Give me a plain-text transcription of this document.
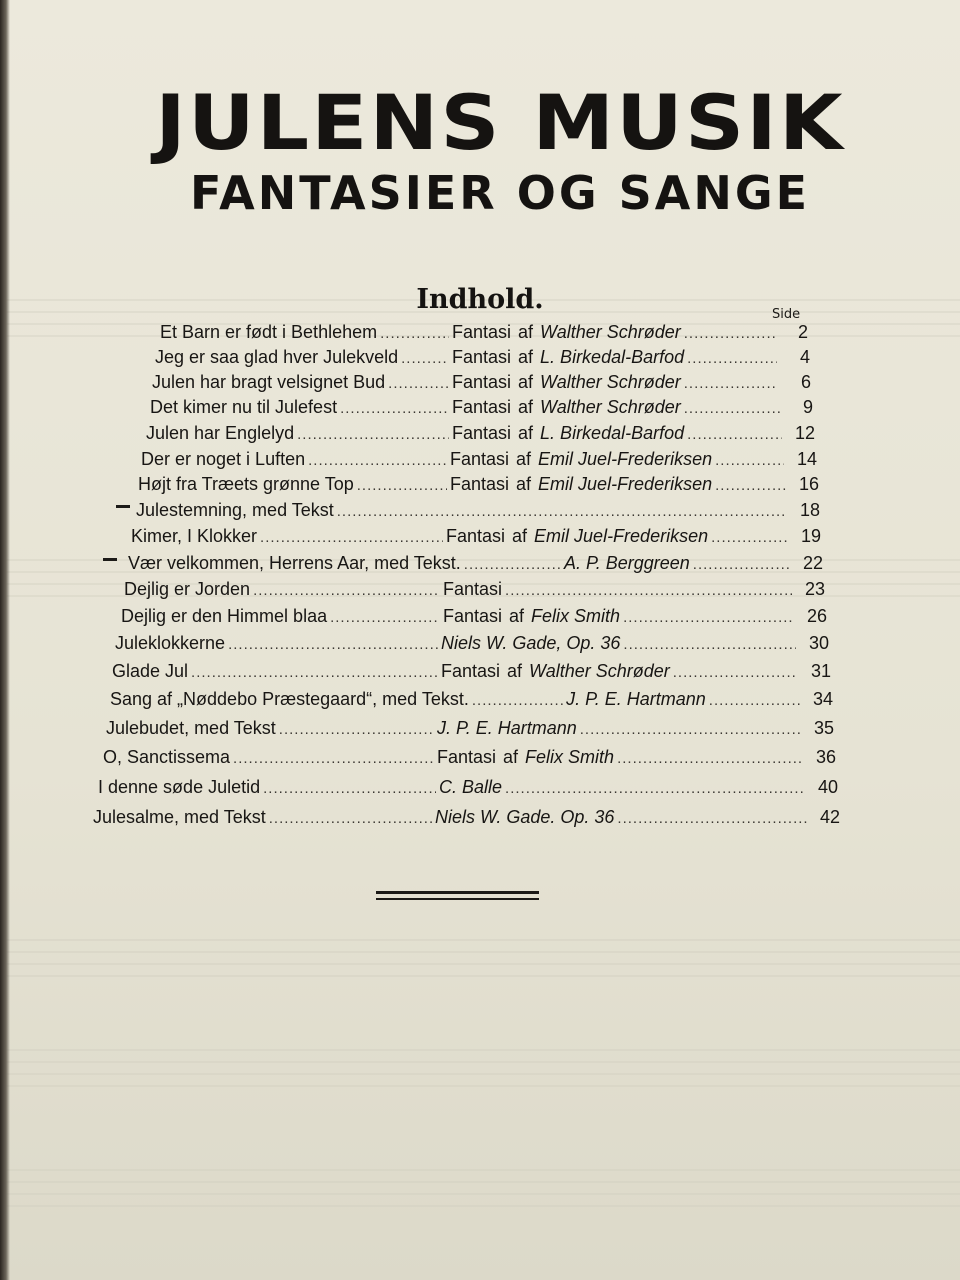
JULENS MUSIK
FANTASIER OG SANGE
Indhold.	Side
Et Barn er født i Bethlehem .....	Fantasi af Walther Schrøder .....	2
Jeg er saa glad hver Julekveld .....	Fantasi af L. Birkedal-Barfod .....	4
Julen har bragt velsignet Bud .....	Fantasi af Walther Schrøder .....	6
Det kimer nu til Julefest .....	Fantasi af Walther Schrøder .....	9
Julen har Englelyd .....	Fantasi af L. Birkedal-Barfod .....	12
Der er noget i Luften .....	Fantasi af Emil Juel-Frederiksen .....	14
Højt fra Træets grønne Top .....	Fantasi af Emil Juel-Frederiksen .....	16
Julestemning, med Tekst .....	18
Kimer, I Klokker .....	Fantasi af Emil Juel-Frederiksen .....	19
Vær velkommen, Herrens Aar, med Tekst. .....	A. P. Berggreen .....	22
Dejlig er Jorden .....	Fantasi .....	23
Dejlig er den Himmel blaa .....	Fantasi af Felix Smith .....	26
Juleklokkerne .....	Niels W. Gade, Op. 36 .....	30
Glade Jul .....	Fantasi af Walther Schrøder .....	31
Sang af „Nøddebo Præstegaard“, med Tekst. .....	J. P. E. Hartmann .....	34
Julebudet, med Tekst .....	J. P. E. Hartmann .....	35
O, Sanctissema .....	Fantasi af Felix Smith .....	36
I denne søde Juletid .....	C. Balle .....	40
Julesalme, med Tekst .....	Niels W. Gade. Op. 36 .....	42
